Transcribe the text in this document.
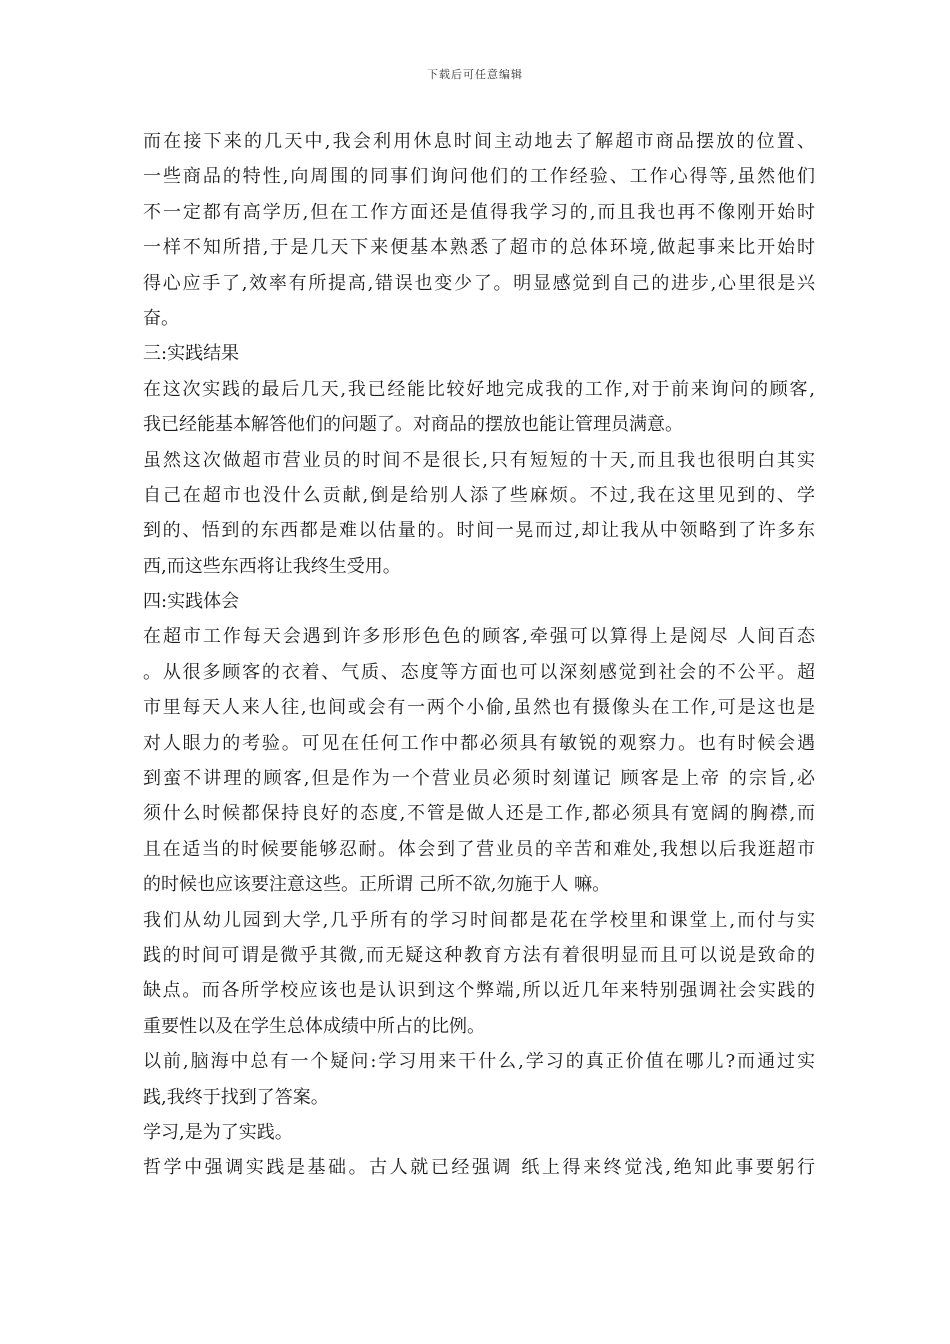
下载后可任意编辑
而在接下来的几天中,我会利用休息时间主动地去了解超市商品摆放的位置、
一些商品的特性,向周围的同事们询问他们的工作经验、工作心得等,虽然他们
不一定都有高学历,但在工作方面还是值得我学习的,而且我也再不像刚开始时
一样不知所措,于是几天下来便基本熟悉了超市的总体环境,做起事来比开始时
得心应手了,效率有所提高,错误也变少了。明显感觉到自己的进步,心里很是兴
奋。
三:实践结果
在这次实践的最后几天,我已经能比较好地完成我的工作,对于前来询问的顾客,
我已经能基本解答他们的问题了。对商品的摆放也能让管理员满意。
虽然这次做超市营业员的时间不是很长,只有短短的十天,而且我也很明白其实
自己在超市也没什么贡献,倒是给别人添了些麻烦。不过,我在这里见到的、学
到的、悟到的东西都是难以估量的。时间一晃而过,却让我从中领略到了许多东
西,而这些东西将让我终生受用。
四:实践体会
在超市工作每天会遇到许多形形色色的顾客,牵强可以算得上是阅尽 人间百态
。从很多顾客的衣着、气质、态度等方面也可以深刻感觉到社会的不公平。超
市里每天人来人往,也间或会有一两个小偷,虽然也有摄像头在工作,可是这也是
对人眼力的考验。可见在任何工作中都必须具有敏锐的观察力。也有时候会遇
到蛮不讲理的顾客,但是作为一个营业员必须时刻谨记 顾客是上帝 的宗旨,必
须什么时候都保持良好的态度,不管是做人还是工作,都必须具有宽阔的胸襟,而
且在适当的时候要能够忍耐。体会到了营业员的辛苦和难处,我想以后我逛超市
的时候也应该要注意这些。正所谓 己所不欲,勿施于人 嘛。
我们从幼儿园到大学,几乎所有的学习时间都是花在学校里和课堂上,而付与实
践的时间可谓是微乎其微,而无疑这种教育方法有着很明显而且可以说是致命的
缺点。而各所学校应该也是认识到这个弊端,所以近几年来特别强调社会实践的
重要性以及在学生总体成绩中所占的比例。
以前,脑海中总有一个疑问:学习用来干什么,学习的真正价值在哪儿?而通过实
践,我终于找到了答案。
学习,是为了实践。
哲学中强调实践是基础。古人就已经强调 纸上得来终觉浅,绝知此事要躬行
